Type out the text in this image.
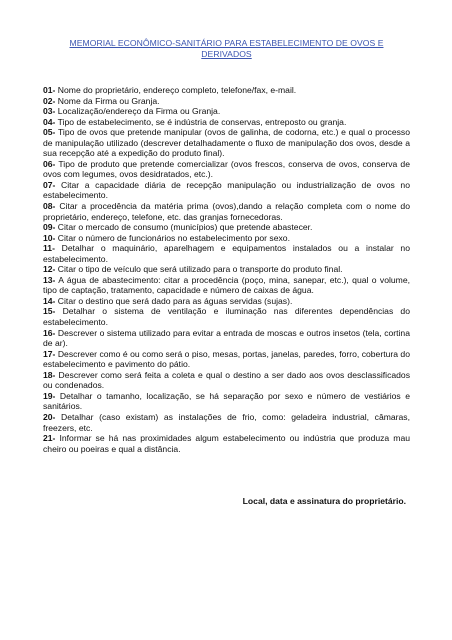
MEMORIAL ECONÔMICO-SANITÁRIO PARA ESTABELECIMENTO DE OVOS E DERIVADOS

01- Nome do proprietário, endereço completo, telefone/fax, e-mail.

02- Nome da Firma ou Granja.

03- Localização/endereço da Firma ou Granja.

04- Tipo de estabelecimento, se é indústria de conservas, entreposto ou granja.

05- Tipo de ovos que pretende manipular (ovos de galinha, de codorna, etc.) e qual o processo de manipulação utilizado (descrever detalhadamente o fluxo de manipulação dos ovos, desde a sua recepção até a expedição do produto final).

06- Tipo de produto que pretende comercializar (ovos frescos, conserva de ovos, conserva de ovos com legumes, ovos desidratados, etc.).

07- Citar a capacidade diária de recepção manipulação ou industrialização de ovos no estabelecimento.

08- Citar a procedência da matéria prima (ovos),dando a relação completa com o nome do proprietário, endereço, telefone, etc. das granjas fornecedoras.

09- Citar o mercado de consumo (municípios) que pretende abastecer.

10- Citar o número de funcionários no estabelecimento por sexo.

11- Detalhar o maquinário, aparelhagem e equipamentos instalados ou a instalar no estabelecimento.

12- Citar o tipo de veículo que será utilizado para o transporte do produto final.

13- A água de abastecimento: citar a procedência (poço, mina, sanepar, etc.), qual o volume, tipo de captação, tratamento, capacidade e número de caixas de água.

14- Citar o destino que será dado para as águas servidas (sujas).

15- Detalhar o sistema de ventilação e iluminação nas diferentes dependências do estabelecimento.

16- Descrever o sistema utilizado para evitar a entrada de moscas e outros insetos (tela, cortina de ar).

17- Descrever como é ou como será o piso, mesas, portas, janelas, paredes, forro, cobertura do estabelecimento e pavimento do pátio.

18- Descrever como será feita a coleta e qual o destino a ser dado aos ovos desclassificados ou condenados.

19- Detalhar o tamanho, localização, se há separação por sexo e número de vestiários e sanitários.

20- Detalhar (caso existam) as instalações de frio, como: geladeira industrial, câmaras, freezers, etc.

21- Informar se há nas proximidades algum estabelecimento ou indústria que produza mau cheiro ou poeiras e qual a distância.

Local, data e assinatura do proprietário.
